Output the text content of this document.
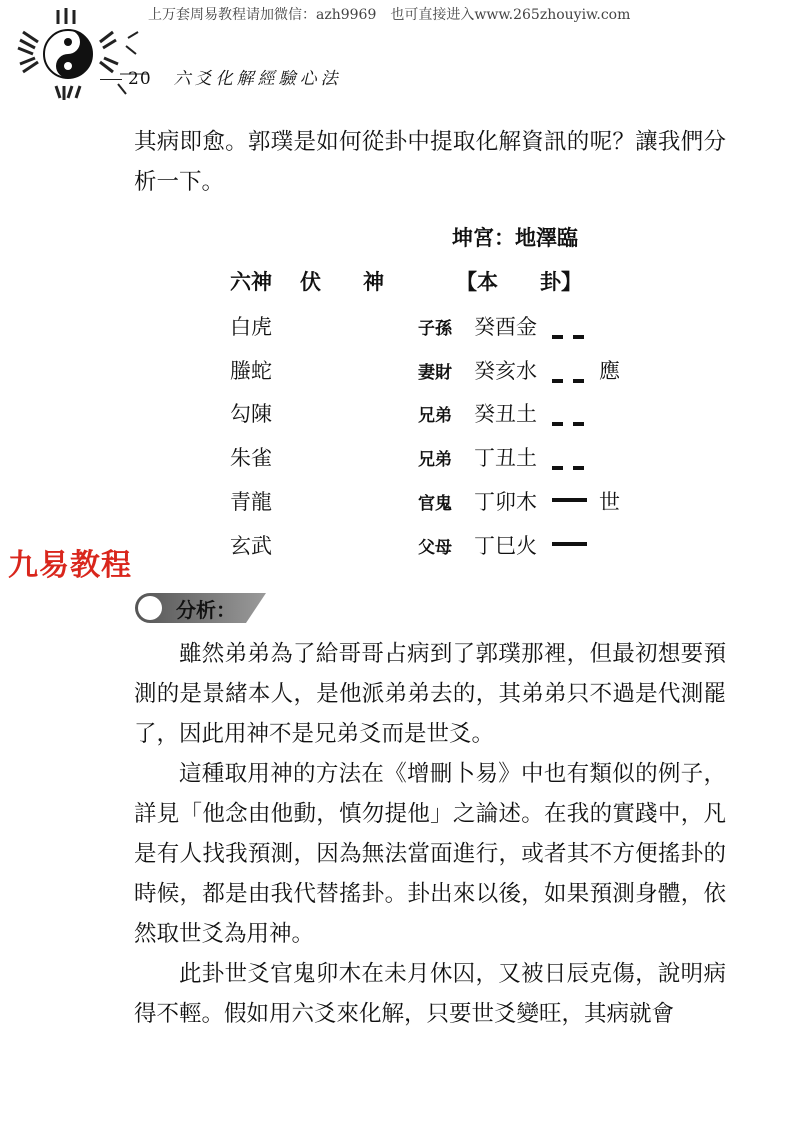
上万套周易教程请加微信：azh9969　也可直接进入www.265zhouyiw.com
20 六爻化解經驗心法

其病即愈。郭璞是如何從卦中提取化解資訊的呢？讓我們分析一下。

坤宮：地澤臨
六神 伏　　神	【本　　卦】
白虎	子孫 癸酉金
螣蛇	妻財 癸亥水	應
勾陳	兄弟 癸丑土
朱雀	兄弟 丁丑土
青龍	官鬼 丁卯木	世
玄武	父母 丁巳火
九易教程
分析：

雖然弟弟為了給哥哥占病到了郭璞那裡，但最初想要預測的是景緒本人，是他派弟弟去的，其弟弟只不過是代測罷了，因此用神不是兄弟爻而是世爻。

這種取用神的方法在《增刪卜易》中也有類似的例子，詳見「他念由他動，慎勿提他」之論述。在我的實踐中，凡是有人找我預測，因為無法當面進行，或者其不方便搖卦的時候，都是由我代替搖卦。卦出來以後，如果預測身體，依然取世爻為用神。

此卦世爻官鬼卯木在未月休囚，又被日辰克傷，說明病得不輕。假如用六爻來化解，只要世爻變旺，其病就會
